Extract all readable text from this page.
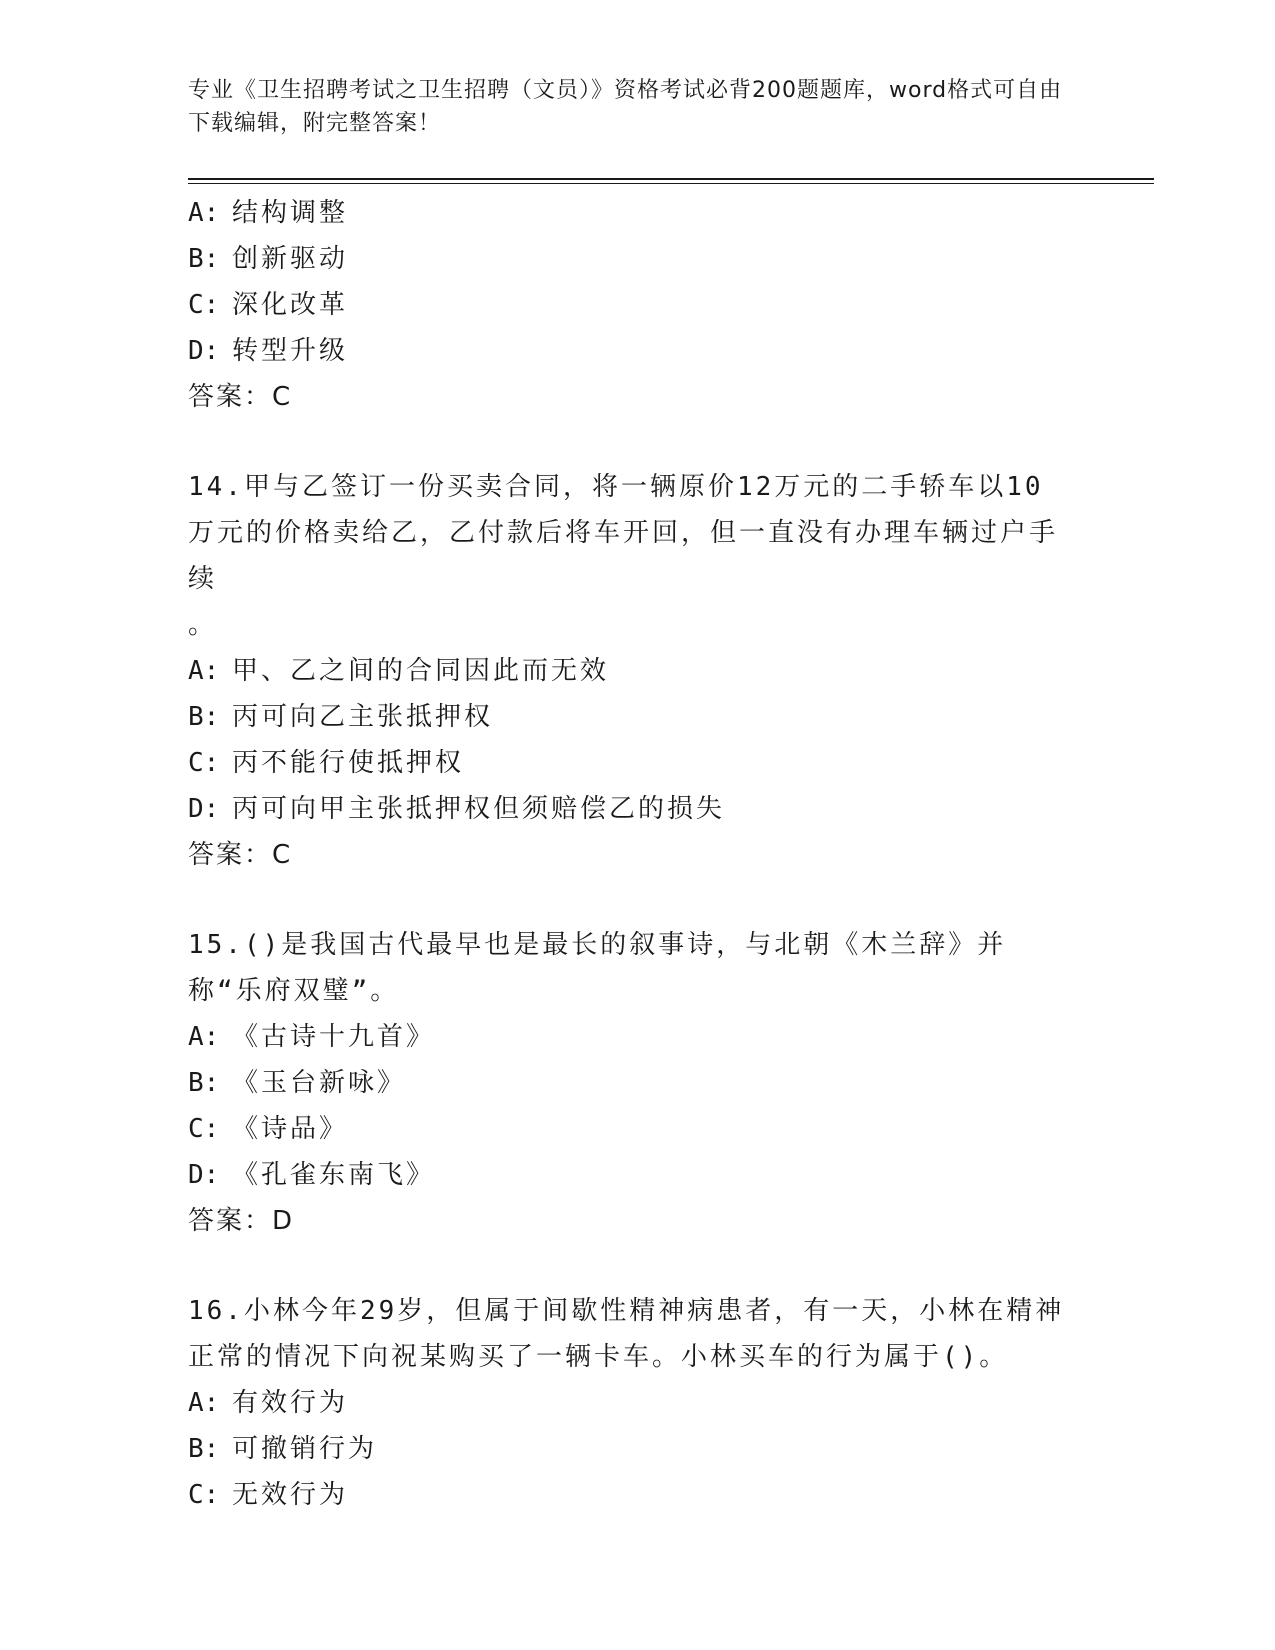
专业《卫生招聘考试之卫生招聘（文员）》资格考试必背200题题库，word格式可自由下载编辑，附完整答案！
A: 结构调整
B: 创新驱动
C: 深化改革
D: 转型升级
答案：C
14.甲与乙签订一份买卖合同，将一辆原价12万元的二手轿车以10万元的价格卖给乙，乙付款后将车开回，但一直没有办理车辆过户手续
。
A: 甲、乙之间的合同因此而无效
B: 丙可向乙主张抵押权
C: 丙不能行使抵押权
D: 丙可向甲主张抵押权但须赔偿乙的损失
答案：C
15.()是我国古代最早也是最长的叙事诗，与北朝《木兰辞》并称“乐府双璧”。
A: 《古诗十九首》
B: 《玉台新咏》
C: 《诗品》
D: 《孔雀东南飞》
答案：D
16.小林今年29岁，但属于间歇性精神病患者，有一天，小林在精神正常的情况下向祝某购买了一辆卡车。小林买车的行为属于()。
A: 有效行为
B: 可撤销行为
C: 无效行为
